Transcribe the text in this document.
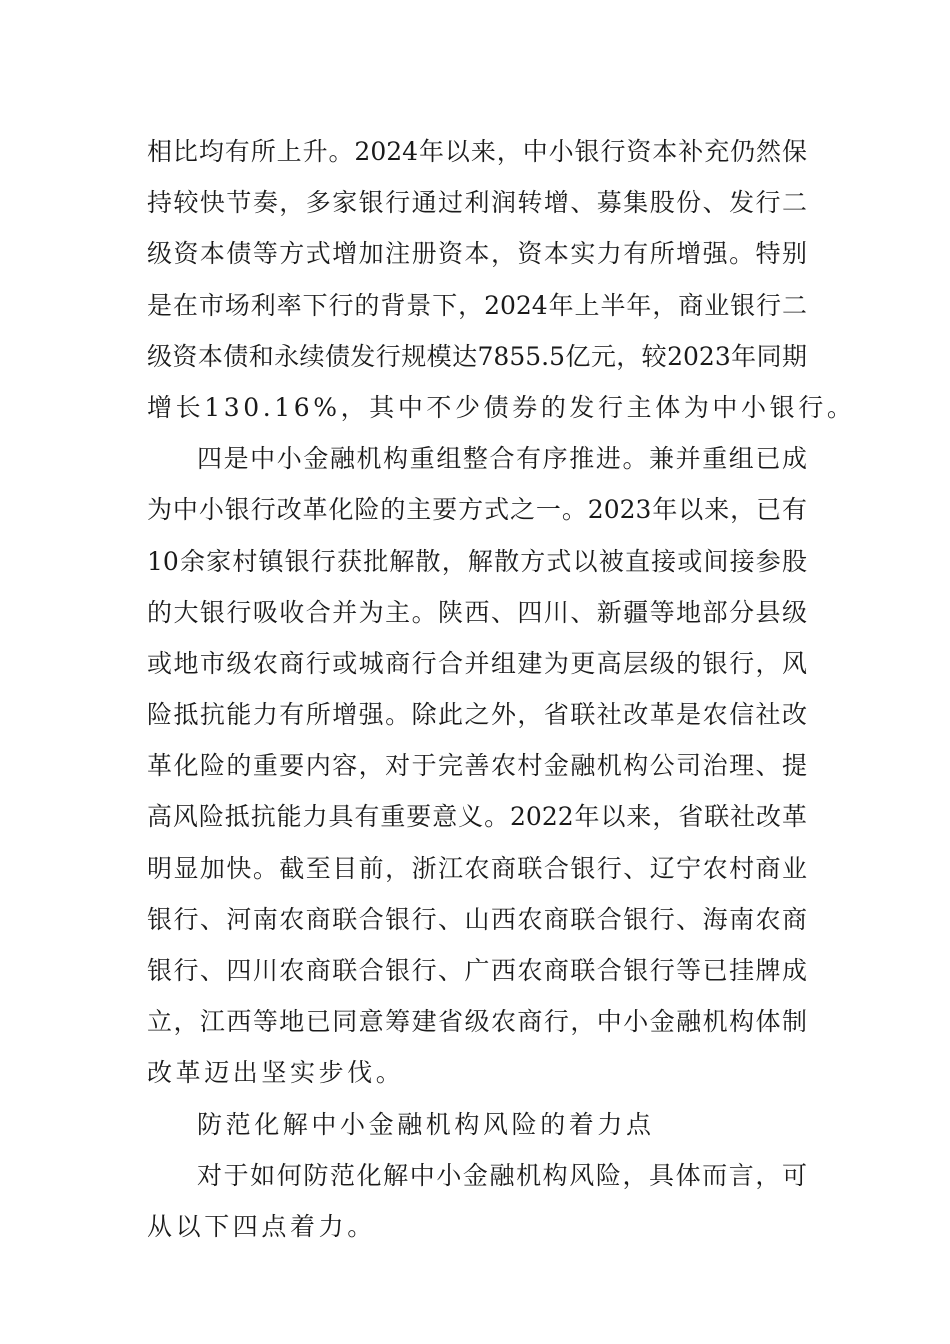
相比均有所上升。2024年以来，中小银行资本补充仍然保
持较快节奏，多家银行通过利润转增、募集股份、发行二
级资本债等方式增加注册资本，资本实力有所增强。特别
是在市场利率下行的背景下，2024年上半年，商业银行二
级资本债和永续债发行规模达7855.5亿元，较2023年同期
增长130.16%，其中不少债券的发行主体为中小银行。
四是中小金融机构重组整合有序推进。兼并重组已成
为中小银行改革化险的主要方式之一。2023年以来，已有
10余家村镇银行获批解散，解散方式以被直接或间接参股
的大银行吸收合并为主。陕西、四川、新疆等地部分县级
或地市级农商行或城商行合并组建为更高层级的银行，风
险抵抗能力有所增强。除此之外，省联社改革是农信社改
革化险的重要内容，对于完善农村金融机构公司治理、提
高风险抵抗能力具有重要意义。2022年以来，省联社改革
明显加快。截至目前，浙江农商联合银行、辽宁农村商业
银行、河南农商联合银行、山西农商联合银行、海南农商
银行、四川农商联合银行、广西农商联合银行等已挂牌成
立，江西等地已同意筹建省级农商行，中小金融机构体制
改革迈出坚实步伐。
防范化解中小金融机构风险的着力点
对于如何防范化解中小金融机构风险，具体而言，可
从以下四点着力。
